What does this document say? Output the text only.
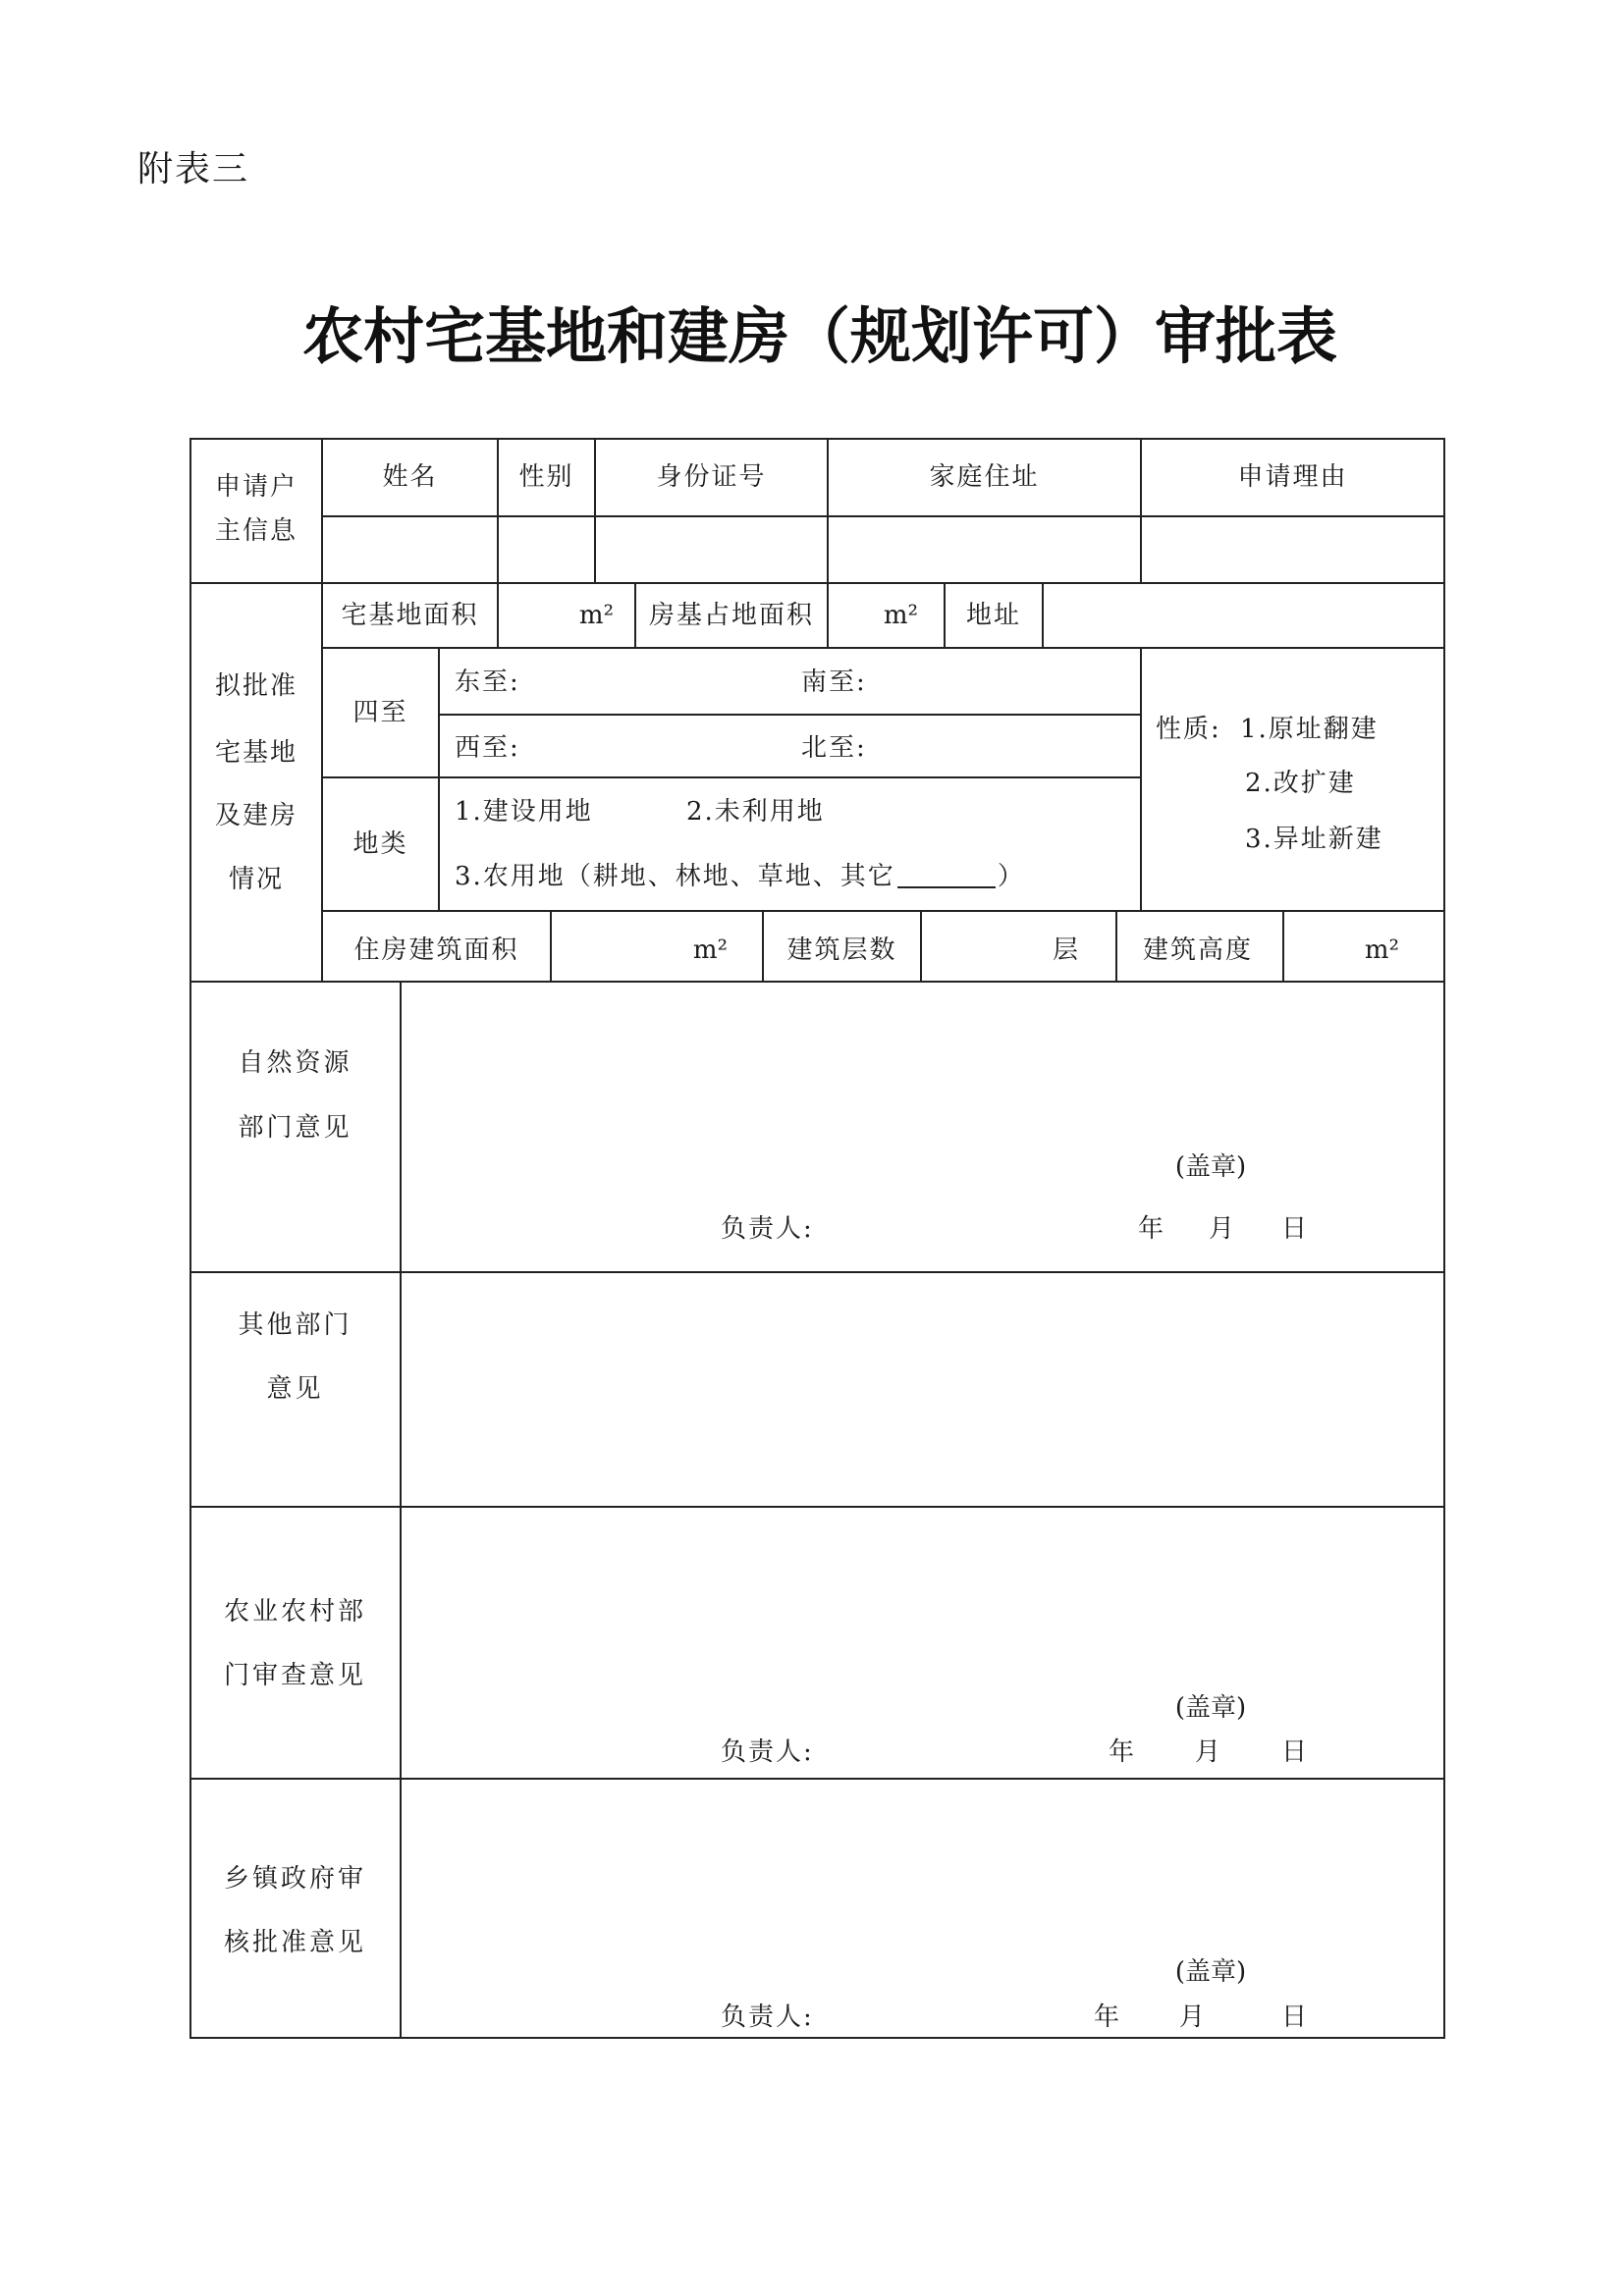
附表三
农村宅基地和建房（规划许可）审批表
申请户
主信息
姓名	性别	身份证号	家庭住址	申请理由
拟批准
宅基地
及建房
情况
宅基地面积	m²	房基占地面积	m²	地址
四至
东至:	南至:
西至:	北至:
地类
1.建设用地	2.未利用地
3.农用地（耕地、林地、草地、其它	）
性质: 1.原址翻建
2.改扩建
3.异址新建
住房建筑面积	m²	建筑层数	层	建筑高度	m²
自然资源
部门意见
(盖章)
负责人:	年 月 日
其他部门
意见
农业农村部
门审查意见
(盖章)
负责人:	年 月 日
乡镇政府审
核批准意见
(盖章)
负责人:	年 月	日
